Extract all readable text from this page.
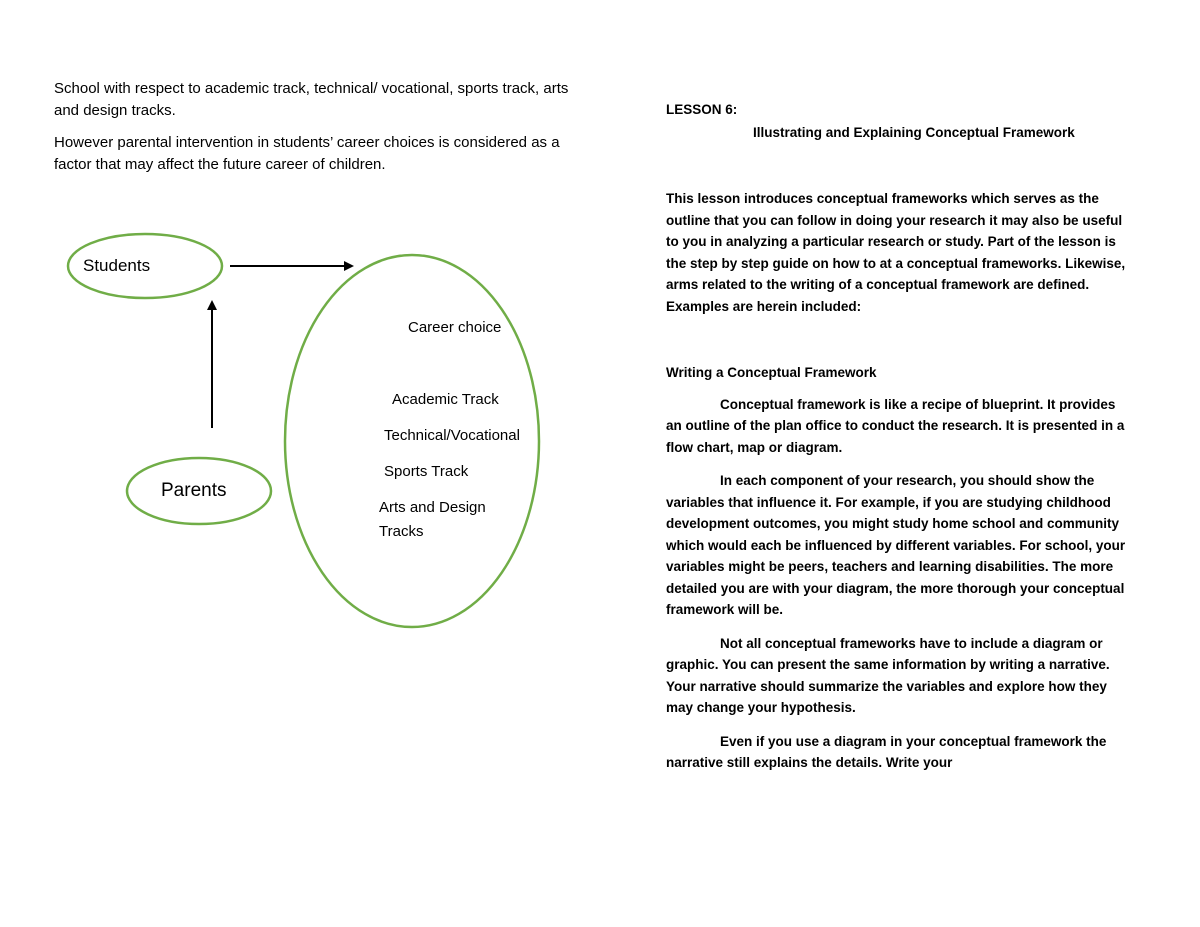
School with respect to academic track, technical/ vocational, sports track, arts and design tracks.

However parental intervention in students’ career choices is considered as a factor that may affect the future career of children.

Students
Parents
Career choice
Academic Track
Technical/Vocational
Sports Track
Arts and Design
Tracks
LESSON 6:
Illustrating and Explaining Conceptual Framework

This lesson introduces conceptual frameworks which serves as the outline that you can follow in doing your research it may also be useful to you in analyzing a particular research or study. Part of the lesson is the step by step guide on how to at a conceptual frameworks. Likewise, arms related to the writing of a conceptual framework are defined. Examples are herein included:

Writing a Conceptual Framework

Conceptual framework is like a recipe of blueprint. It provides an outline of the plan office to conduct the research. It is presented in a flow chart, map or diagram.

In each component of your research, you should show the variables that influence it. For example, if you are studying childhood development outcomes, you might study home school and community which would each be influenced by different variables. For school, your variables might be peers, teachers and learning disabilities. The more detailed you are with your diagram, the more thorough your conceptual framework will be.

Not all conceptual frameworks have to include a diagram or graphic. You can present the same information by writing a narrative. Your narrative should summarize the variables and explore how they may change your hypothesis.

Even if you use a diagram in your conceptual framework the narrative still explains the details. Write your
